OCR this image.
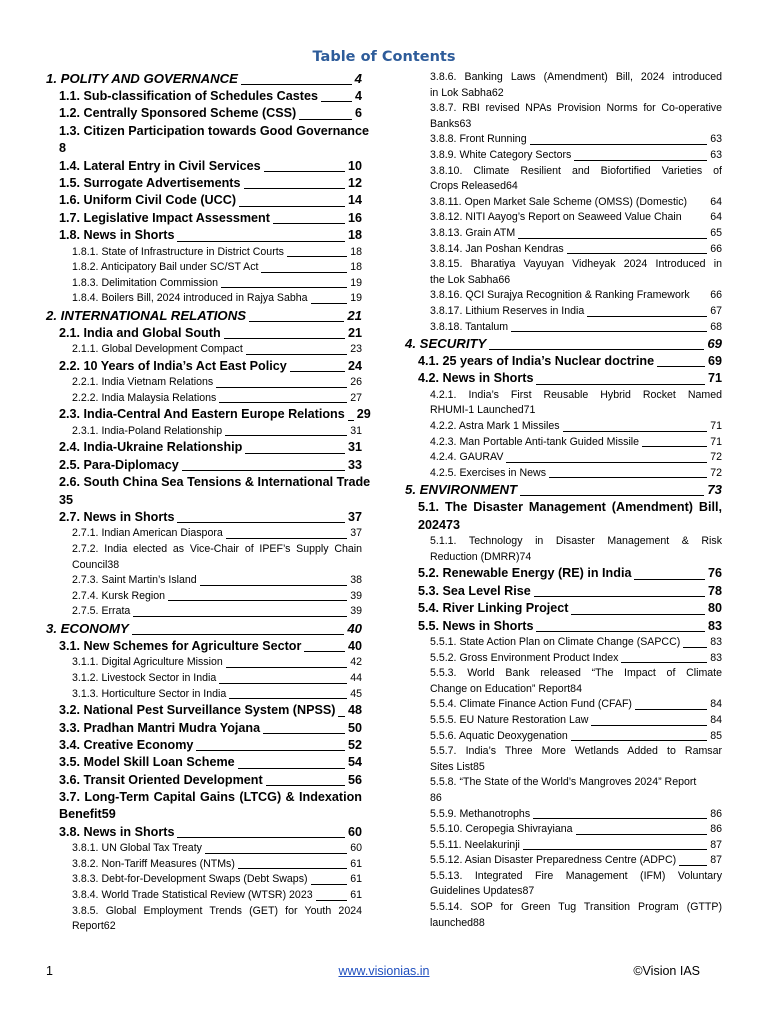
Table of Contents
1. POLITY AND GOVERNANCE	4
1.1. Sub-classification of Schedules Castes	4
1.2. Centrally Sponsored Scheme (CSS)	6
1.3. Citizen Participation towards Good Governance
8
1.4. Lateral Entry in Civil Services	10
1.5. Surrogate Advertisements	12
1.6. Uniform Civil Code (UCC)	14
1.7. Legislative Impact Assessment	16
1.8. News in Shorts	18
1.8.1. State of Infrastructure in District Courts	18
1.8.2. Anticipatory Bail under SC/ST Act	18
1.8.3. Delimitation Commission	19
1.8.4. Boilers Bill, 2024 introduced in Rajya Sabha	19
2. INTERNATIONAL RELATIONS	21
2.1. India and Global South	21
2.1.1. Global Development Compact	23
2.2. 10 Years of India’s Act East Policy	24
2.2.1. India Vietnam Relations	26
2.2.2. India Malaysia Relations	27
2.3. India-Central And Eastern Europe Relations 29
2.3.1. India-Poland Relationship	31
2.4. India-Ukraine Relationship	31
2.5. Para-Diplomacy	33
2.6. South China Sea Tensions & International Trade
35
2.7. News in Shorts	37
2.7.1. Indian American Diaspora	37
2.7.2. India elected as Vice-Chair of IPEF’s Supply Chain
Council 38
2.7.3. Saint Martin’s Island	38
2.7.4. Kursk Region	39
2.7.5. Errata	39
3. ECONOMY	40
3.1. New Schemes for Agriculture Sector	40
3.1.1. Digital Agriculture Mission	42
3.1.2. Livestock Sector in India	44
3.1.3. Horticulture Sector in India	45
3.2. National Pest Surveillance System (NPSS) 48
3.3. Pradhan Mantri Mudra Yojana	50
3.4. Creative Economy	52
3.5. Model Skill Loan Scheme	54
3.6. Transit Oriented Development	56
3.7. Long-Term Capital Gains (LTCG) & Indexation
Benefit 59
3.8. News in Shorts	60
3.8.1. UN Global Tax Treaty	60
3.8.2. Non-Tariff Measures (NTMs)	61
3.8.3. Debt-for-Development Swaps (Debt Swaps)	61
3.8.4. World Trade Statistical Review (WTSR) 2023	61
3.8.5. Global Employment Trends (GET) for Youth 2024
Report 62
3.8.6. Banking Laws (Amendment) Bill, 2024 introduced
in Lok Sabha 62
3.8.7. RBI revised NPAs Provision Norms for Co-operative
Banks 63
3.8.8. Front Running	63
3.8.9. White Category Sectors	63
3.8.10. Climate Resilient and Biofortified Varieties of
Crops Released 64
3.8.11. Open Market Sale Scheme (OMSS) (Domestic) 64
3.8.12. NITI Aayog’s Report on Seaweed Value Chain	64
3.8.13. Grain ATM	65
3.8.14. Jan Poshan Kendras	66
3.8.15. Bharatiya Vayuyan Vidheyak 2024 Introduced in
the Lok Sabha 66
3.8.16. QCI Surajya Recognition & Ranking Framework 66
3.8.17. Lithium Reserves in India	67
3.8.18. Tantalum	68
4. SECURITY	69
4.1. 25 years of India’s Nuclear doctrine	69
4.2. News in Shorts	71
4.2.1. India’s First Reusable Hybrid Rocket Named
RHUMI-1 Launched 71
4.2.2. Astra Mark 1 Missiles	71
4.2.3. Man Portable Anti-tank Guided Missile	71
4.2.4. GAURAV	72
4.2.5. Exercises in News	72
5. ENVIRONMENT	73
5.1. The Disaster Management (Amendment) Bill,
2024 73
5.1.1. Technology in Disaster Management & Risk
Reduction (DMRR) 74
5.2. Renewable Energy (RE) in India	76
5.3. Sea Level Rise	78
5.4. River Linking Project	80
5.5. News in Shorts	83
5.5.1. State Action Plan on Climate Change (SAPCC)	83
5.5.2. Gross Environment Product Index	83
5.5.3. World Bank released “The Impact of Climate
Change on Education” Report 84
5.5.4. Climate Finance Action Fund (CFAF)	84
5.5.5. EU Nature Restoration Law	84
5.5.6. Aquatic Deoxygenation	85
5.5.7. India’s Three More Wetlands Added to Ramsar
Sites List 85
5.5.8. “The State of the World’s Mangroves 2024” Report
86
5.5.9. Methanotrophs	86
5.5.10. Ceropegia Shivrayiana	86
5.5.11. Neelakurinji	87
5.5.12. Asian Disaster Preparedness Centre (ADPC)	87
5.5.13. Integrated Fire Management (IFM) Voluntary
Guidelines Updates 87
5.5.14. SOP for Green Tug Transition Program (GTTP)
launched 88
1	www.visionias.in	©Vision IAS
